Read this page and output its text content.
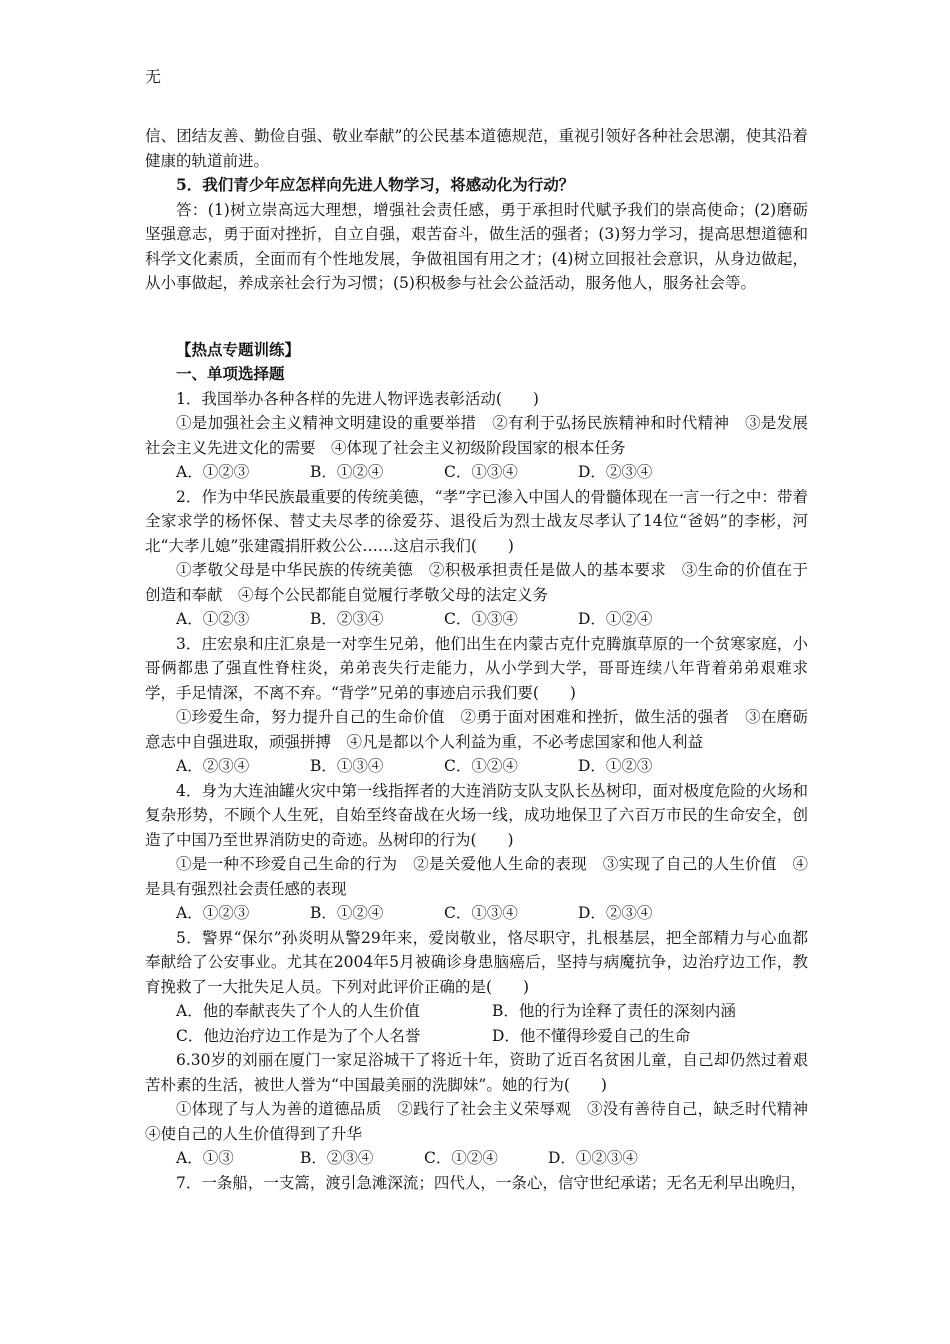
无

信、团结友善、勤俭自强、敬业奉献”的公民基本道德规范，重视引领好各种社会思潮，使其沿着健康的轨道前进。

5．我们青少年应怎样向先进人物学习，将感动化为行动？

答：(1)树立崇高远大理想，增强社会责任感，勇于承担时代赋予我们的崇高使命；(2)磨砺坚强意志，勇于面对挫折，自立自强，艰苦奋斗，做生活的强者；(3)努力学习，提高思想道德和科学文化素质，全面而有个性地发展，争做祖国有用之才；(4)树立回报社会意识，从身边做起，从小事做起，养成亲社会行为习惯；(5)积极参与社会公益活动，服务他人，服务社会等。

【热点专题训练】

一、单项选择题

1．我国举办各种各样的先进人物评选表彰活动(　　)

①是加强社会主义精神文明建设的重要举措　②有利于弘扬民族精神和时代精神　③是发展社会主义先进文化的需要　④体现了社会主义初级阶段国家的根本任务

A．①②③	B．①②④	C．①③④	D．②③④

2．作为中华民族最重要的传统美德，“孝”字已渗入中国人的骨髓体现在一言一行之中：带着全家求学的杨怀保、替丈夫尽孝的徐爱芬、退役后为烈士战友尽孝认了14位“爸妈”的李彬，河北“大孝儿媳”张建霞捐肝救公公……这启示我们(　　)

①孝敬父母是中华民族的传统美德　②积极承担责任是做人的基本要求　③生命的价值在于创造和奉献　④每个公民都能自觉履行孝敬父母的法定义务

A．①②③	B．②③④	C．①③④	D．①②④

3．庄宏泉和庄汇泉是一对孪生兄弟，他们出生在内蒙古克什克腾旗草原的一个贫寒家庭，小哥俩都患了强直性脊柱炎，弟弟丧失行走能力，从小学到大学，哥哥连续八年背着弟弟艰难求学，手足情深，不离不弃。“背学”兄弟的事迹启示我们要(　　)

①珍爱生命，努力提升自己的生命价值　②勇于面对困难和挫折，做生活的强者　③在磨砺意志中自强进取，顽强拼搏　④凡是都以个人利益为重，不必考虑国家和他人利益

A．②③④	B．①③④	C．①②④	D．①②③

4．身为大连油罐火灾中第一线指挥者的大连消防支队支队长丛树印，面对极度危险的火场和复杂形势，不顾个人生死，自始至终奋战在火场一线，成功地保卫了六百万市民的生命安全，创造了中国乃至世界消防史的奇迹。丛树印的行为(　　)

①是一种不珍爱自己生命的行为　②是关爱他人生命的表现　③实现了自己的人生价值　④是具有强烈社会责任感的表现

A．①②③	B．①②④	C．①③④	D．②③④

5．警界“保尔”孙炎明从警29年来，爱岗敬业，恪尽职守，扎根基层，把全部精力与心血都奉献给了公安事业。尤其在2004年5月被确诊身患脑癌后，坚持与病魔抗争，边治疗边工作，教育挽救了一大批失足人员。下列对此评价正确的是(　　)

A．他的奉献丧失了个人的人生价值	B．他的行为诠释了责任的深刻内涵
C．他边治疗边工作是为了个人名誉	D．他不懂得珍爱自己的生命

6.30岁的刘丽在厦门一家足浴城干了将近十年，资助了近百名贫困儿童，自己却仍然过着艰苦朴素的生活，被世人誉为“中国最美丽的洗脚妹”。她的行为(　　)

①体现了与人为善的道德品质　②践行了社会主义荣辱观　③没有善待自己，缺乏时代精神　④使自己的人生价值得到了升华

A．①③	B．②③④	C．①②④	D．①②③④

7．一条船，一支篙，渡引急滩深流；四代人，一条心，信守世纪承诺；无名无利早出晚归，
